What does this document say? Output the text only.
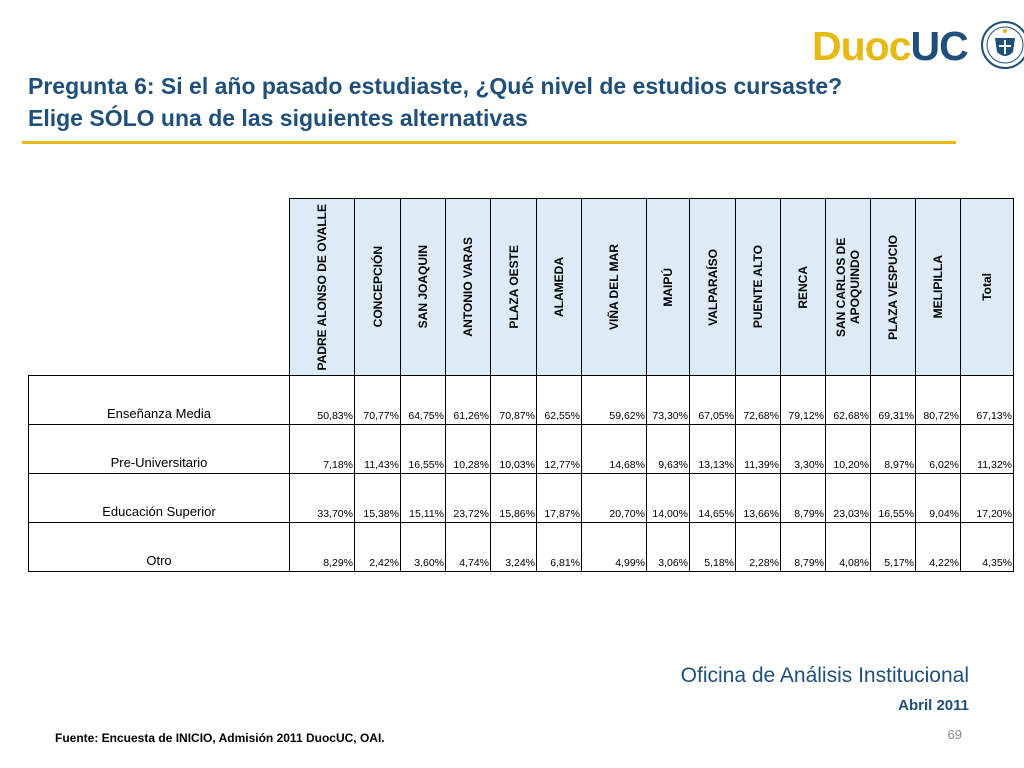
DuocUC
Pregunta 6: Si el año pasado estudiaste, ¿Qué nivel de estudios cursaste?
Elige SÓLO una de las siguientes alternativas

	PADRE ALONSO DE OVALLE	CONCEPCIÓN	SAN JOAQUIN	ANTONIO VARAS	PLAZA OESTE	ALAMEDA	VIÑA DEL MAR	MAIPÚ	VALPARAÍSO	PUENTE ALTO	RENCA	SAN CARLOS DE APOQUINDO	PLAZA VESPUCIO	MELIPILLA	Total

Enseñanza Media	50,83%	70,77%	64,75%	61,26%	70,87%	62,55%	59,62%	73,30%	67,05%	72,68%	79,12%	62,68%	69,31%	80,72%	67,13%
Pre-Universitario	7,18%	11,43%	16,55%	10,28%	10,03%	12,77%	14,68%	9,63%	13,13%	11,39%	3,30%	10,20%	8,97%	6,02%	11,32%
Educación Superior	33,70%	15,38%	15,11%	23,72%	15,86%	17,87%	20,70%	14,00%	14,65%	13,66%	8,79%	23,03%	16,55%	9,04%	17,20%
Otro	8,29%	2,42%	3,60%	4,74%	3,24%	6,81%	4,99%	3,06%	5,18%	2,28%	8,79%	4,08%	5,17%	4,22%	4,35%
Oficina de Análisis Institucional
Abril 2011
Fuente: Encuesta de INICIO, Admisión 2011 DuocUC, OAI.	69
